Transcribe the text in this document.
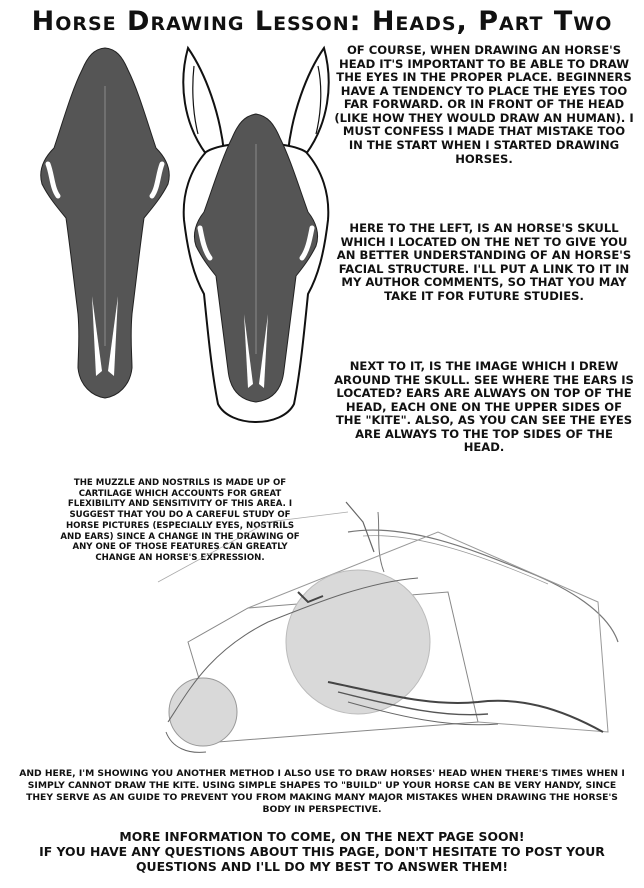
Horse Drawing Lesson: Heads, Part Two

OF COURSE, WHEN DRAWING AN HORSE'S HEAD IT'S IMPORTANT TO BE ABLE TO DRAW THE EYES IN THE PROPER PLACE. BEGINNERS HAVE A TENDENCY TO PLACE THE EYES TOO FAR FORWARD. OR IN FRONT OF THE HEAD (LIKE HOW THEY WOULD DRAW AN HUMAN). I MUST CONFESS I MADE THAT MISTAKE TOO IN THE START WHEN I STARTED DRAWING HORSES.

HERE TO THE LEFT, IS AN HORSE'S SKULL WHICH I LOCATED ON THE NET TO GIVE YOU AN BETTER UNDERSTANDING OF AN HORSE'S FACIAL STRUCTURE. I'LL PUT A LINK TO IT IN MY AUTHOR COMMENTS, SO THAT YOU MAY TAKE IT FOR FUTURE STUDIES.

NEXT TO IT, IS THE IMAGE WHICH I DREW AROUND THE SKULL. SEE WHERE THE EARS IS LOCATED? EARS ARE ALWAYS ON TOP OF THE HEAD, EACH ONE ON THE UPPER SIDES OF THE "KITE". ALSO, AS YOU CAN SEE THE EYES ARE ALWAYS TO THE TOP SIDES OF THE HEAD.

THE MUZZLE AND NOSTRILS IS MADE UP OF CARTILAGE WHICH ACCOUNTS FOR GREAT FLEXIBILITY AND SENSITIVITY OF THIS AREA. I SUGGEST THAT YOU DO A CAREFUL STUDY OF HORSE PICTURES (ESPECIALLY EYES, NOSTRILS AND EARS) SINCE A CHANGE IN THE DRAWING OF ANY ONE OF THOSE FEATURES CAN GREATLY CHANGE AN HORSE'S EXPRESSION.

AND HERE, I'M SHOWING YOU ANOTHER METHOD I ALSO USE TO DRAW HORSES' HEAD WHEN THERE'S TIMES WHEN I SIMPLY CANNOT DRAW THE KITE. USING SIMPLE SHAPES TO "BUILD" UP YOUR HORSE CAN BE VERY HANDY, SINCE THEY SERVE AS AN GUIDE TO PREVENT YOU FROM MAKING MANY MAJOR MISTAKES WHEN DRAWING THE HORSE'S BODY IN PERSPECTIVE.

MORE INFORMATION TO COME, ON THE NEXT PAGE SOON!
IF YOU HAVE ANY QUESTIONS ABOUT THIS PAGE, DON'T HESITATE TO POST YOUR QUESTIONS AND I'LL DO MY BEST TO ANSWER THEM!
